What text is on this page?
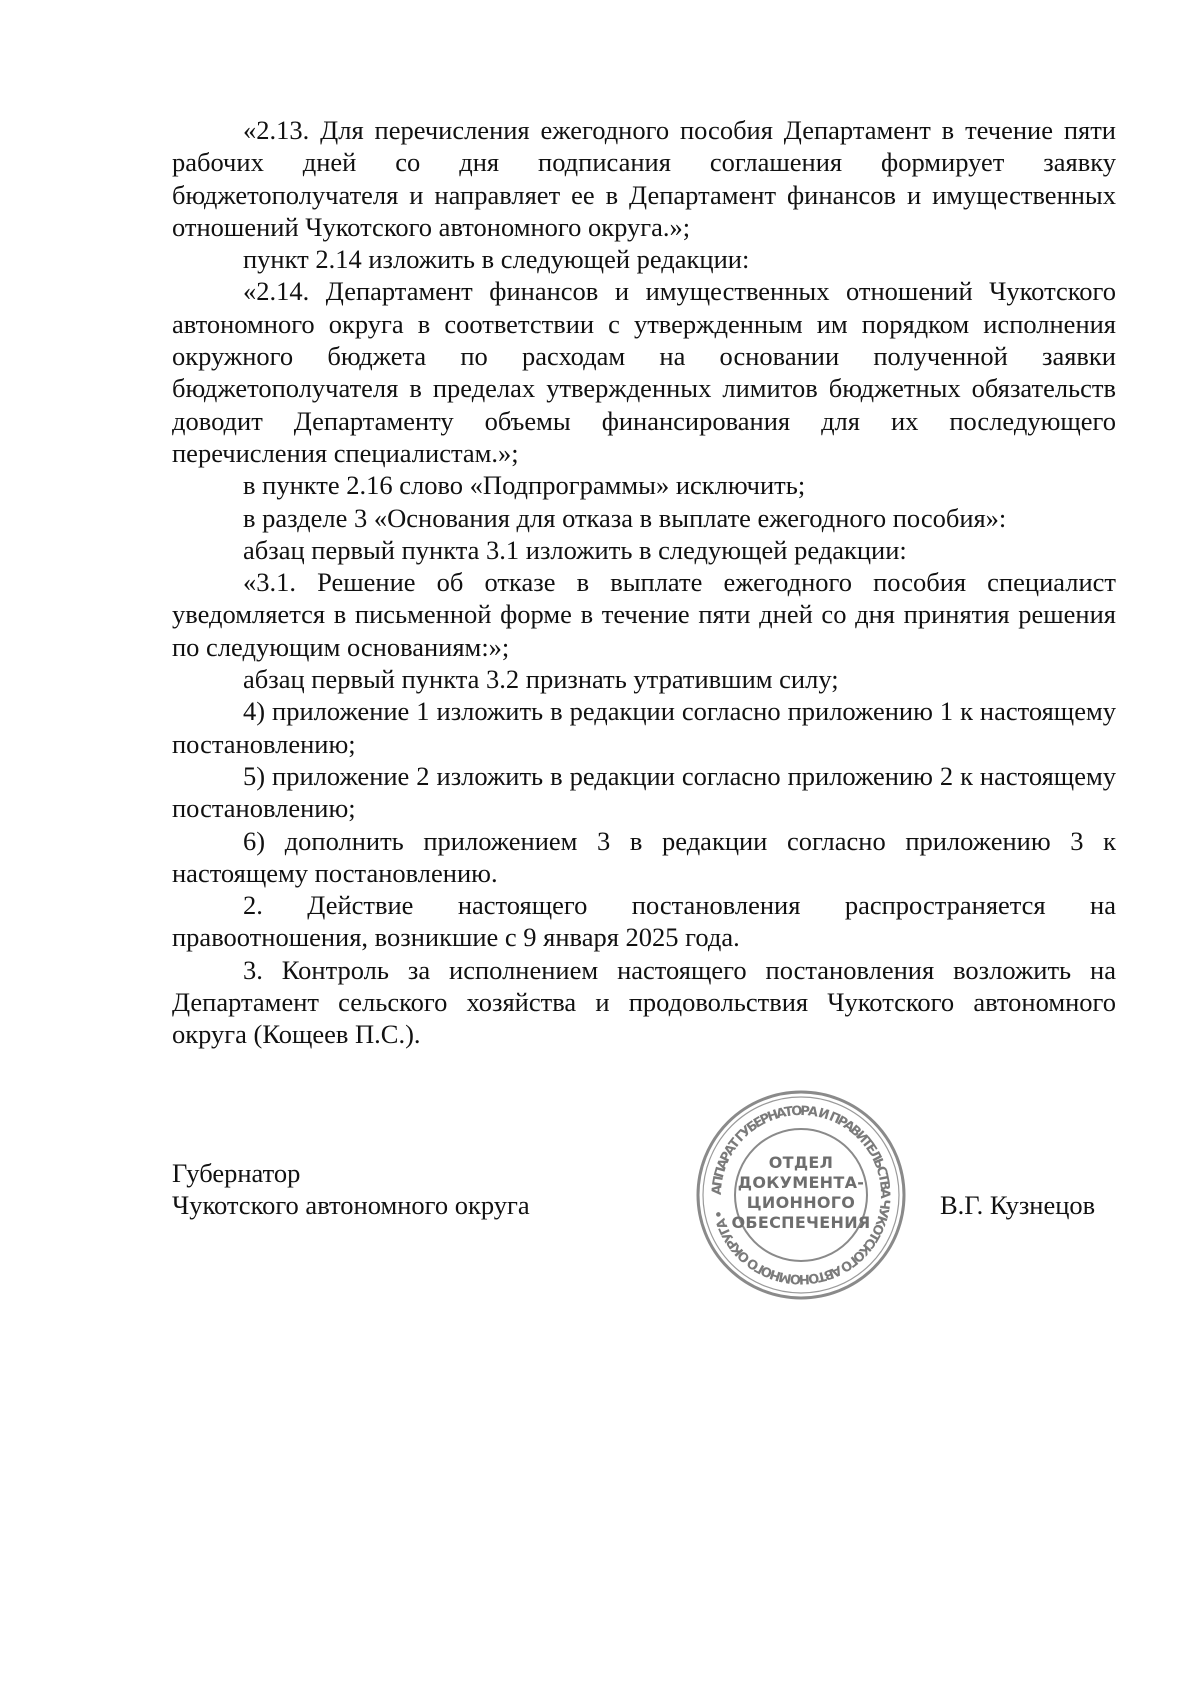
«2.13. Для перечисления ежегодного пособия Департамент в течение пяти рабочих дней со дня подписания соглашения формирует заявку бюджетополучателя и направляет ее в Департамент финансов и имущественных отношений Чукотского автономного округа.»;

пункт 2.14 изложить в следующей редакции:

«2.14. Департамент финансов и имущественных отношений Чукотского автономного округа в соответствии с утвержденным им порядком исполнения окружного бюджета по расходам на основании полученной заявки бюджетополучателя в пределах утвержденных лимитов бюджетных обязательств доводит Департаменту объемы финансирования для их последующего перечисления специалистам.»;

в пункте 2.16 слово «Подпрограммы» исключить;

в разделе 3 «Основания для отказа в выплате ежегодного пособия»:

абзац первый пункта 3.1 изложить в следующей редакции:

«3.1. Решение об отказе в выплате ежегодного пособия специалист уведомляется в письменной форме в течение пяти дней со дня принятия решения по следующим основаниям:»;

абзац первый пункта 3.2 признать утратившим силу;

4) приложение 1 изложить в редакции согласно приложению 1 к настоящему постановлению;

5) приложение 2 изложить в редакции согласно приложению 2 к настоящему постановлению;

6) дополнить приложением 3 в редакции согласно приложению 3 к настоящему постановлению.

2. Действие настоящего постановления распространяется на правоотношения, возникшие с 9 января 2025 года.

3. Контроль за исполнением настоящего постановления возложить на Департамент сельского хозяйства и продовольствия Чукотского автономного округа (Кощеев П.С.).

Губернатор
Чукотского автономного округа
АППАРАТ ГУБЕРНАТОРА И ПРАВИТЕЛЬСТВА ЧУКОТСКОГО АВТОНОМНОГО ОКРУГА •
ОТДЕЛ
ДОКУМЕНТА-
ЦИОННОГО
ОБЕСПЕЧЕНИЯ
В.Г. Кузнецов
